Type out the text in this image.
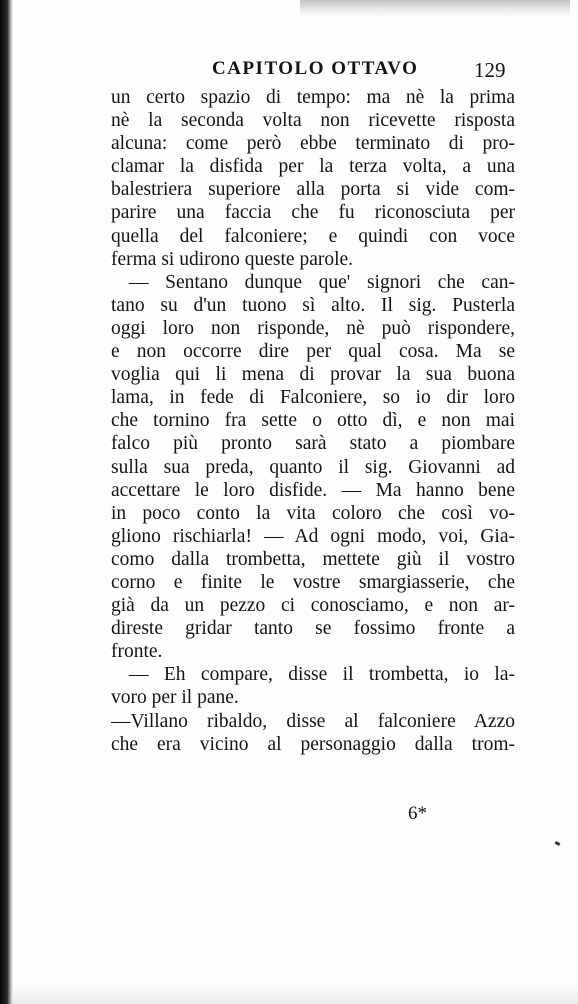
CAPITOLO OTTAVO	129
un certo spazio di tempo: ma nè la prima
nè la seconda volta non ricevette risposta
alcuna: come però ebbe terminato di pro-
clamar la disfida per la terza volta, a una
balestriera superiore alla porta si vide com-
parire una faccia che fu riconosciuta per
quella del falconiere; e quindi con voce
ferma si udirono queste parole.
— Sentano dunque que' signori che can-
tano su d'un tuono sì alto. Il sig. Pusterla
oggi loro non risponde, nè può rispondere,
e non occorre dire per qual cosa. Ma se
voglia qui li mena di provar la sua buona
lama, in fede di Falconiere, so io dir loro
che tornino fra sette o otto dì, e non mai
falco più pronto sarà stato a piombare
sulla sua preda, quanto il sig. Giovanni ad
accettare le loro disfide. — Ma hanno bene
in poco conto la vita coloro che così vo-
gliono rischiarla! — Ad ogni modo, voi, Gia-
como dalla trombetta, mettete giù il vostro
corno e finite le vostre smargiasserie, che
già da un pezzo ci conosciamo, e non ar-
direste gridar tanto se fossimo fronte a
fronte.
— Eh compare, disse il trombetta, io la-
voro per il pane.
—Villano ribaldo, disse al falconiere Azzo
che era vicino al personaggio dalla trom-
6*
